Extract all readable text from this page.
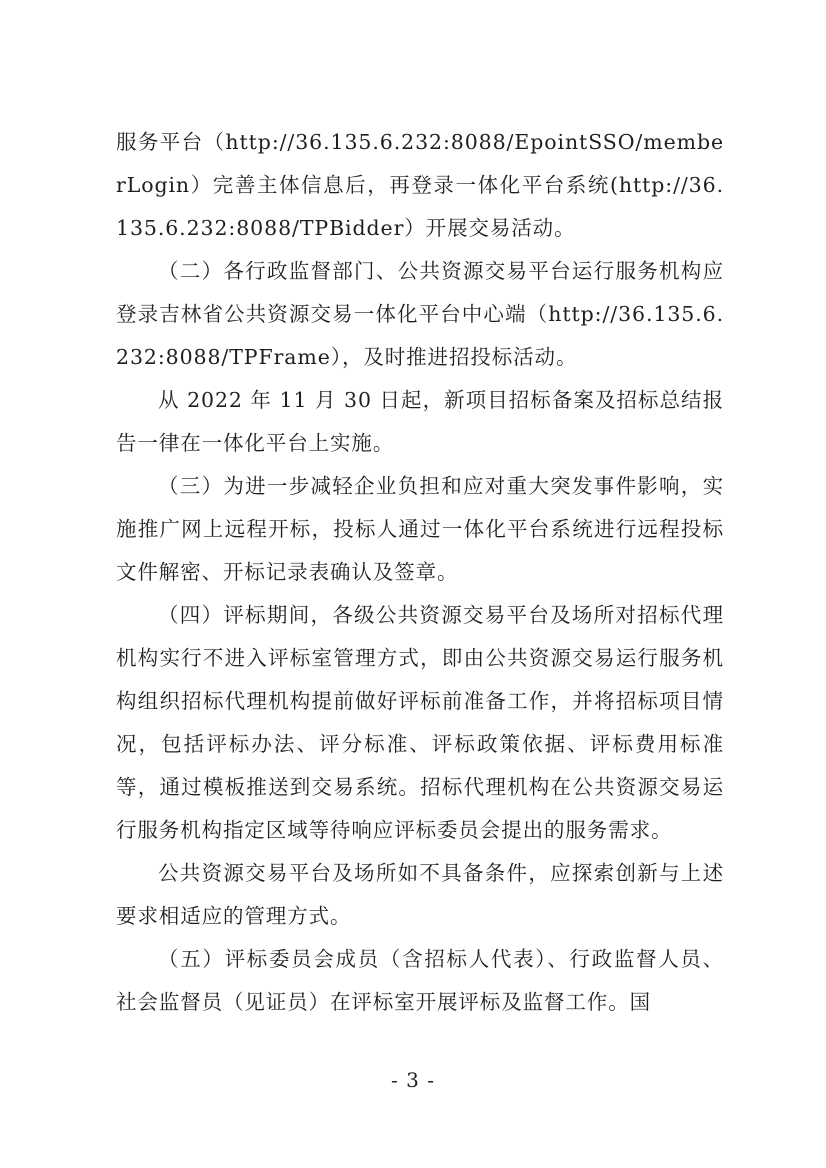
服务平台（http://36.135.6.232:8088/EpointSSO/memberLogin）完善主体信息后，再登录一体化平台系统(http://36.135.6.232:8088/TPBidder）开展交易活动。

（二）各行政监督部门、公共资源交易平台运行服务机构应登录吉林省公共资源交易一体化平台中心端（http://36.135.6.232:8088/TPFrame），及时推进招投标活动。

从 2022 年 11 月 30 日起，新项目招标备案及招标总结报告一律在一体化平台上实施。

（三）为进一步减轻企业负担和应对重大突发事件影响，实施推广网上远程开标，投标人通过一体化平台系统进行远程投标文件解密、开标记录表确认及签章。

（四）评标期间，各级公共资源交易平台及场所对招标代理机构实行不进入评标室管理方式，即由公共资源交易运行服务机构组织招标代理机构提前做好评标前准备工作，并将招标项目情况，包括评标办法、评分标准、评标政策依据、评标费用标准等，通过模板推送到交易系统。招标代理机构在公共资源交易运行服务机构指定区域等待响应评标委员会提出的服务需求。

公共资源交易平台及场所如不具备条件，应探索创新与上述要求相适应的管理方式。

（五）评标委员会成员（含招标人代表）、行政监督人员、社会监督员（见证员）在评标室开展评标及监督工作。国

- 3 -
